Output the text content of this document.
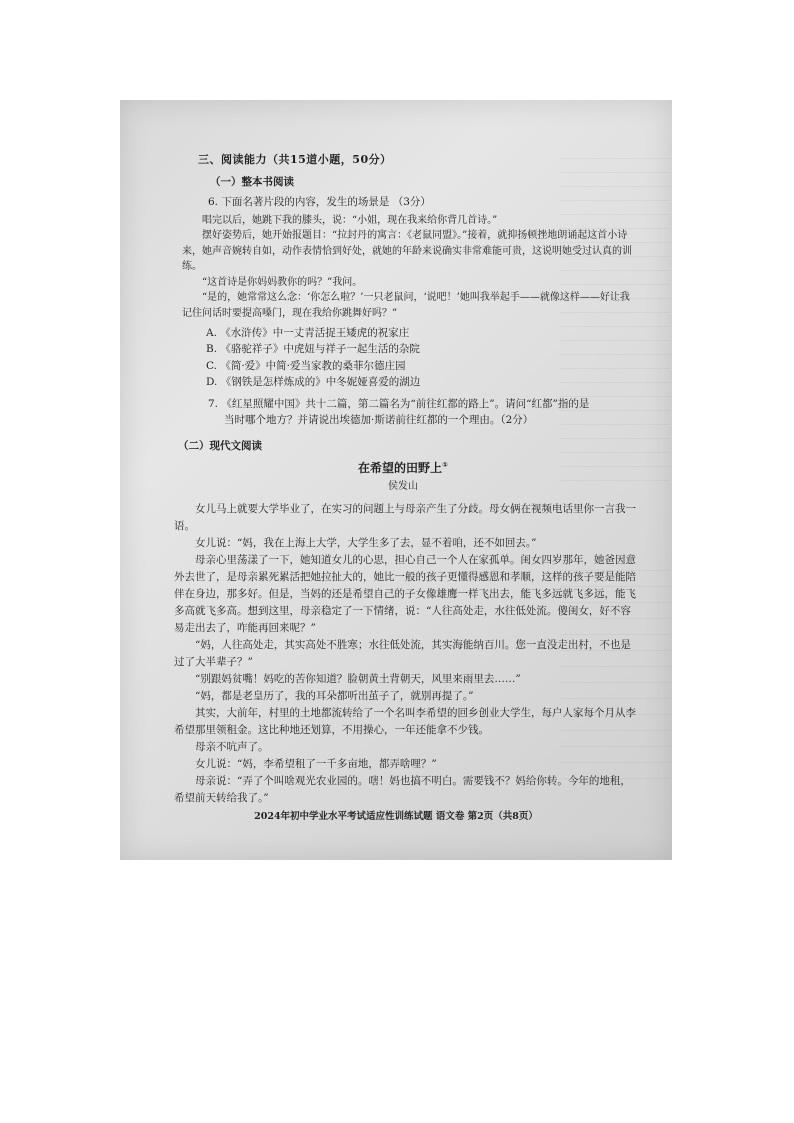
三、阅读能力（共15道小题，50分）
（一）整本书阅读
6. 下面名著片段的内容，发生的场景是 （3分）
唱完以后，她跳下我的膝头，说：“小姐，现在我来给你背几首诗。”
摆好姿势后，她开始报题目：“拉封丹的寓言：《老鼠同盟》。”接着，就抑扬顿挫地朗诵起这首小诗来，她声音婉转自如，动作表情恰到好处，就她的年龄来说确实非常难能可贵，这说明她受过认真的训练。
“这首诗是你妈妈教你的吗？”我问。
“是的，她常常这么念：‘你怎么啦？’一只老鼠问，‘说吧！’她叫我举起手——就像这样——好让我记住问话时要提高嗓门，现在我给你跳舞好吗？”
A. 《水浒传》中一丈青活捉王矮虎的祝家庄
B. 《骆驼祥子》中虎妞与祥子一起生活的杂院
C. 《简·爱》中简·爱当家教的桑菲尔德庄园
D. 《钢铁是怎样炼成的》中冬妮娅喜爱的湖边
7. 《红星照耀中国》共十二篇，第二篇名为“前往红都的路上”。请问“红都”指的是
当时哪个地方？并请说出埃德加·斯诺前往红都的一个理由。（2分）
（二）现代文阅读
在希望的田野上①
侯发山
女儿马上就要大学毕业了，在实习的问题上与母亲产生了分歧。母女俩在视频电话里你一言我一语。
女儿说：“妈，我在上海上大学，大学生多了去，显不着咱，还不如回去。”
母亲心里荡漾了一下，她知道女儿的心思，担心自己一个人在家孤单。闺女四岁那年，她爸因意外去世了，是母亲累死累活把她拉扯大的，她比一般的孩子更懂得感恩和孝顺，这样的孩子要是能陪伴在身边，那多好。但是，当妈的还是希望自己的子女像雄鹰一样飞出去，能飞多远就飞多远，能飞多高就飞多高。想到这里，母亲稳定了一下情绪，说：“人往高处走，水往低处流。傻闺女，好不容易走出去了，咋能再回来呢？”
“妈，人往高处走，其实高处不胜寒；水往低处流，其实海能纳百川。您一直没走出村，不也是过了大半辈子？”
“别跟妈贫嘴！妈吃的苦你知道？脸朝黄土背朝天，风里来雨里去……”
“妈，都是老皇历了，我的耳朵都听出茧子了，就别再提了。”
其实，大前年，村里的土地都流转给了一个名叫李希望的回乡创业大学生，每户人家每个月从李希望那里领租金。这比种地还划算，不用操心，一年还能拿不少钱。
母亲不吭声了。
女儿说：“妈，李希望租了一千多亩地，都弄啥哩？”
母亲说：“弄了个叫啥观光农业园的。嗐！妈也搞不明白。需要钱不？妈给你转。今年的地租，希望前天转给我了。”
2024年初中学业水平考试适应性训练试题 语文卷 第2页（共8页）
